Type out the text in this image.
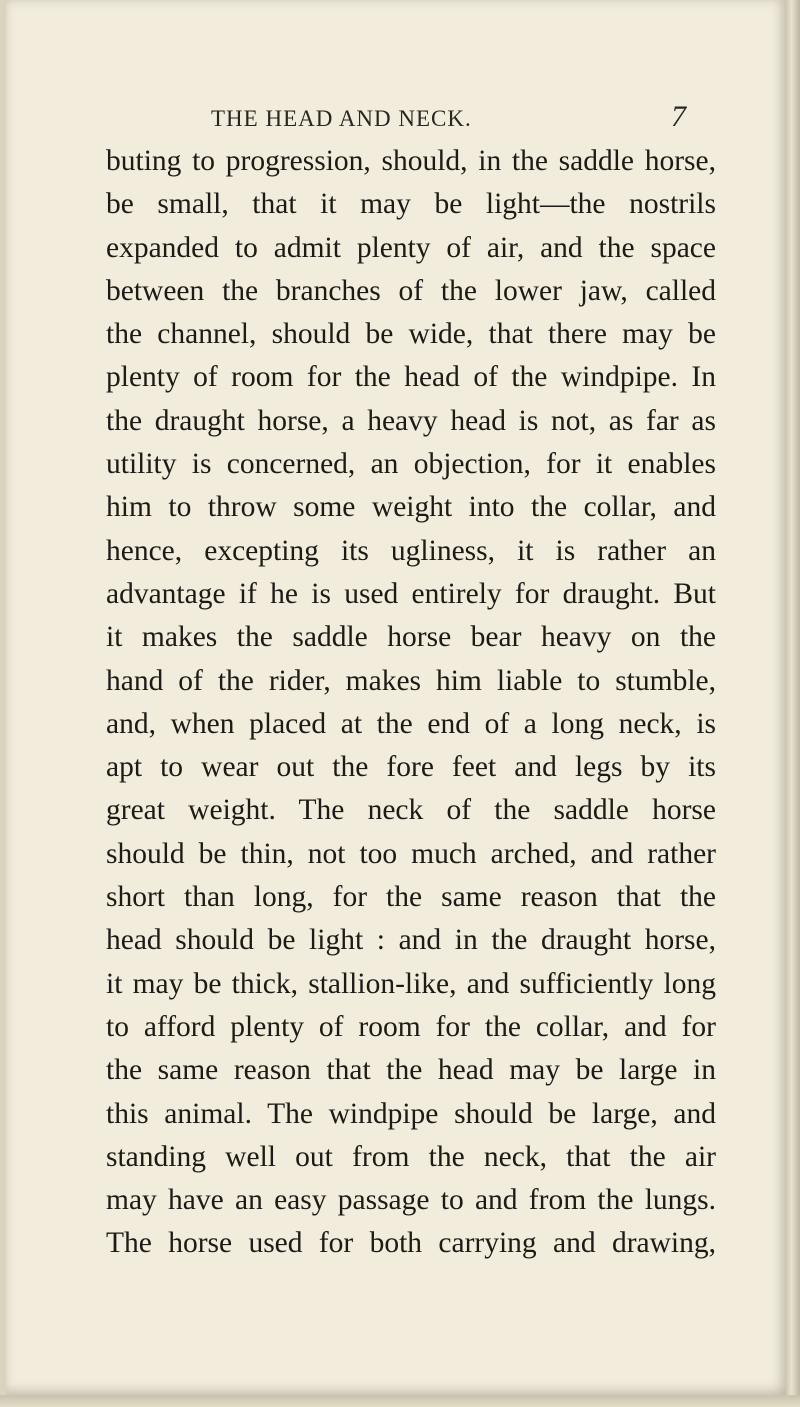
THE HEAD AND NECK.	7
buting to progression, should, in the saddle horse,
be small, that it may be light—the nostrils
expanded to admit plenty of air, and the space
between the branches of the lower jaw, called
the channel, should be wide, that there may be
plenty of room for the head of the windpipe. In
the draught horse, a heavy head is not, as far as
utility is concerned, an objection, for it enables
him to throw some weight into the collar, and
hence, excepting its ugliness, it is rather an
advantage if he is used entirely for draught. But
it makes the saddle horse bear heavy on the
hand of the rider, makes him liable to stumble,
and, when placed at the end of a long neck, is
apt to wear out the fore feet and legs by its
great weight. The neck of the saddle horse
should be thin, not too much arched, and rather
short than long, for the same reason that the
head should be light : and in the draught horse,
it may be thick, stallion-like, and sufficiently long
to afford plenty of room for the collar, and for
the same reason that the head may be large in
this animal. The windpipe should be large, and
standing well out from the neck, that the air
may have an easy passage to and from the lungs.
The horse used for both carrying and drawing,
